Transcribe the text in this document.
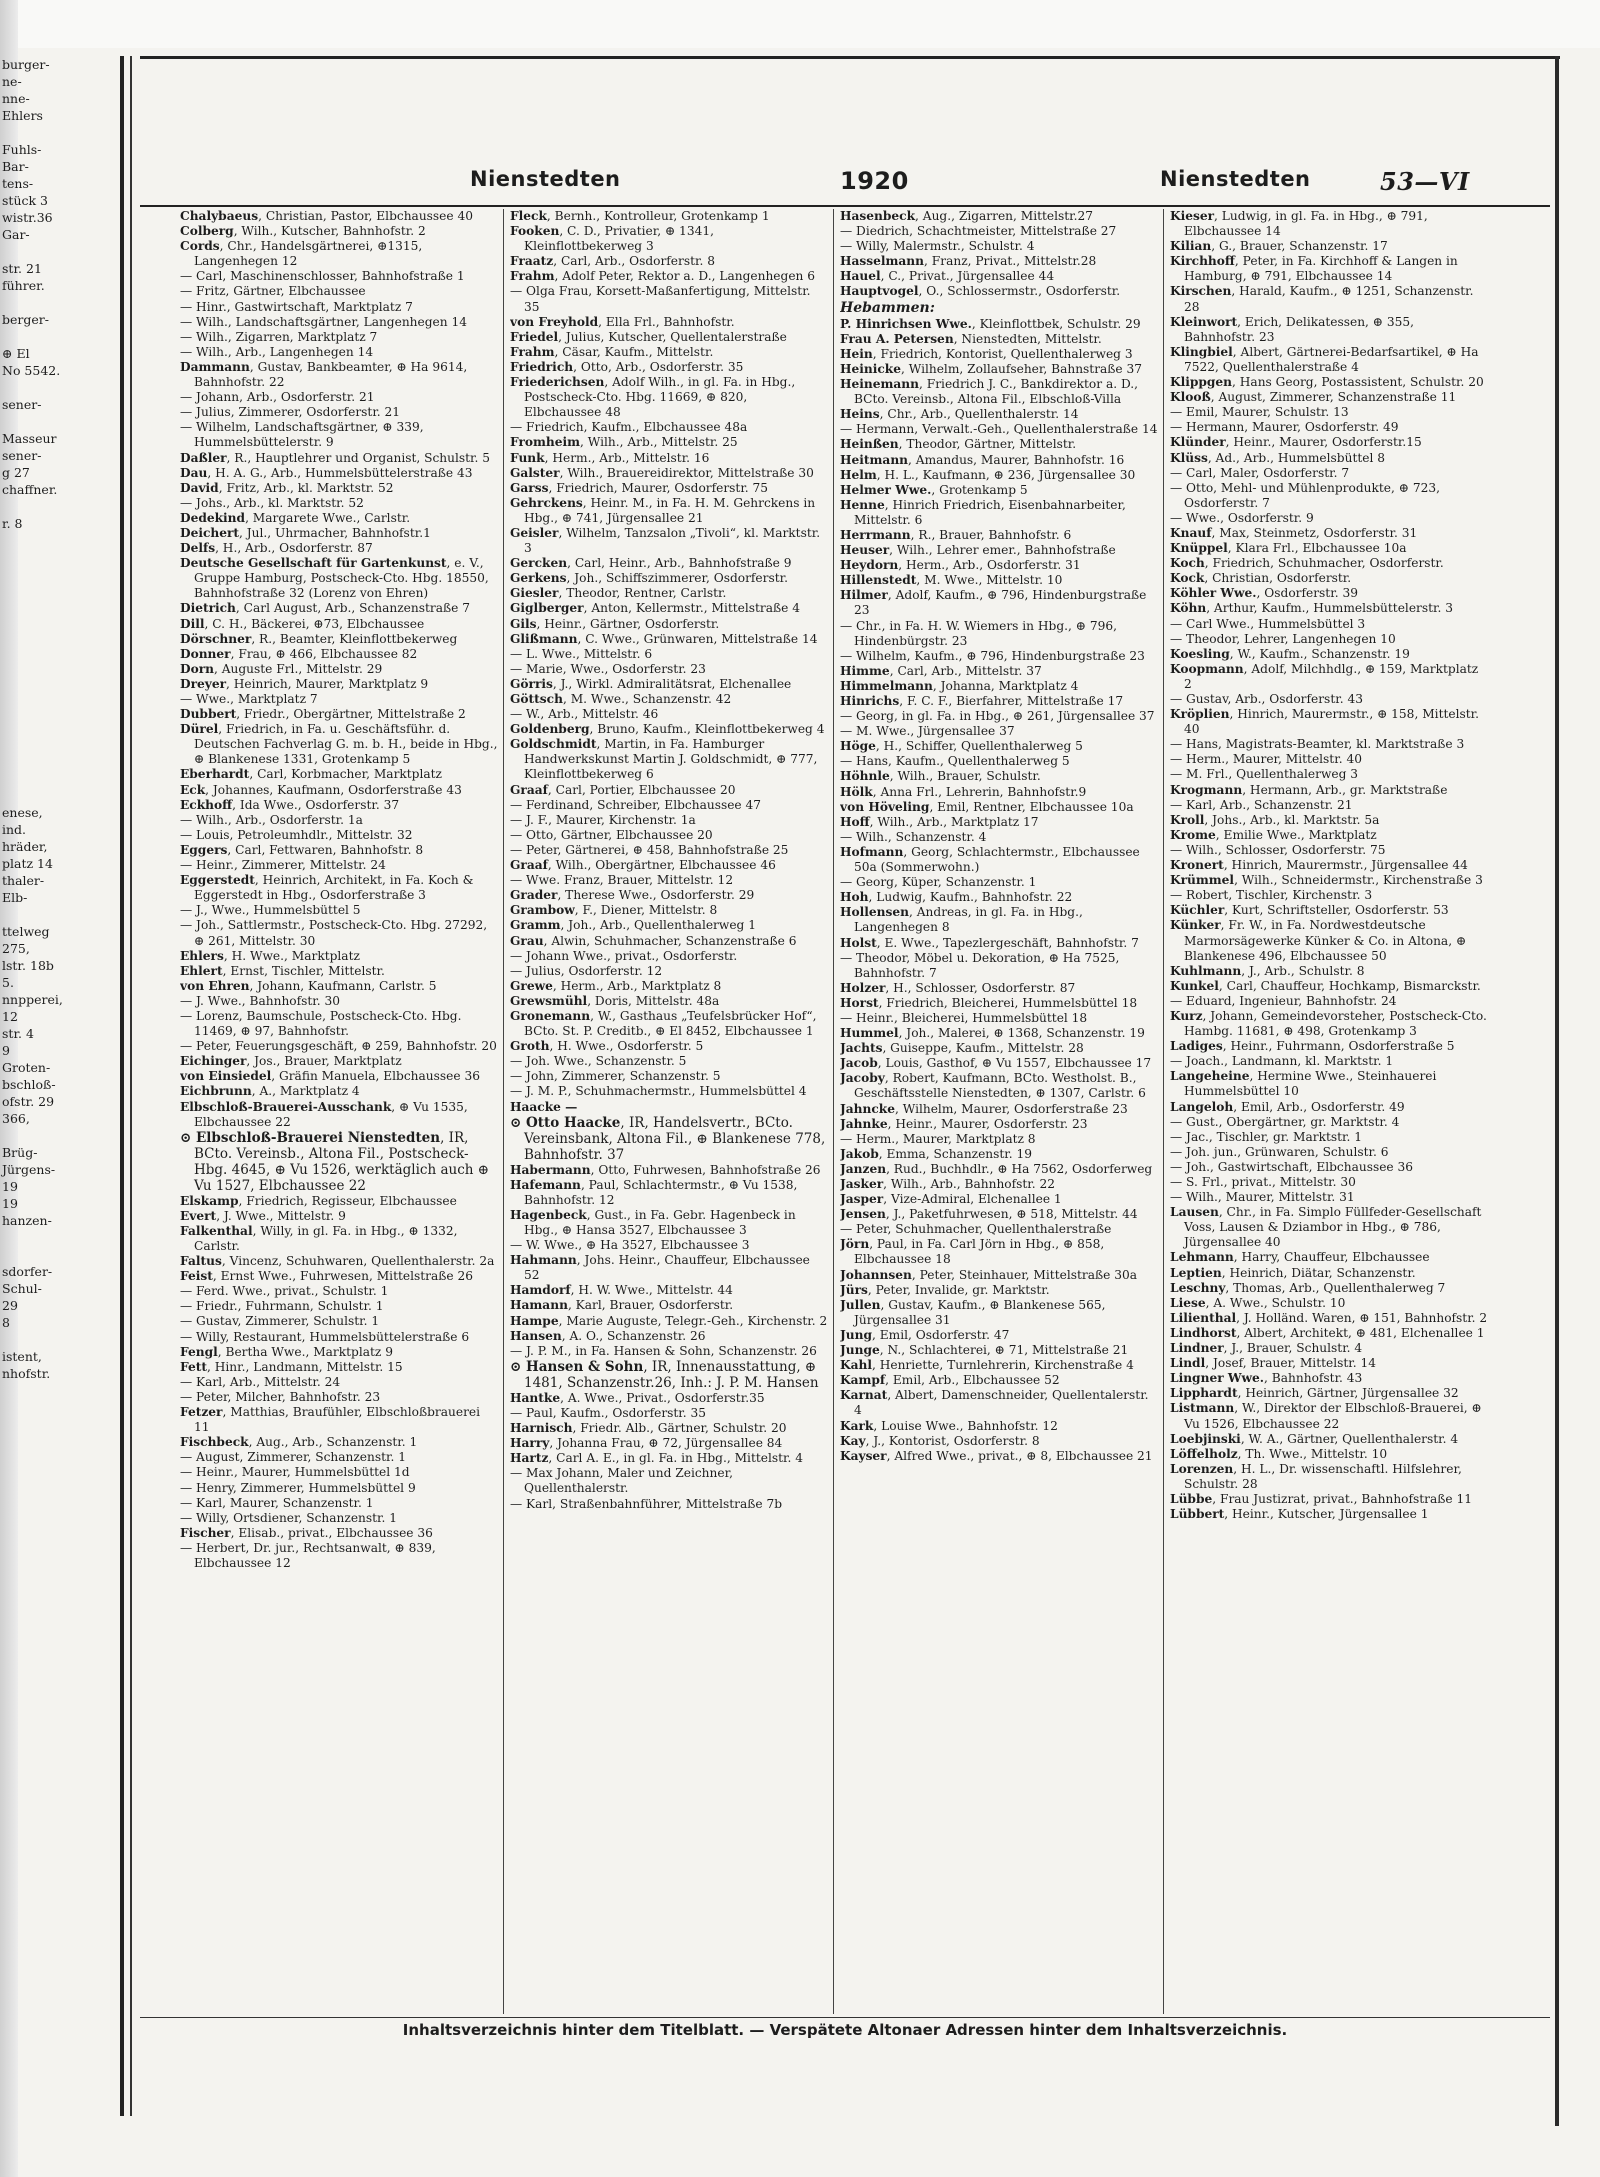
burger-
ne-
nne-
Ehlers

Fuhls-
Bar-
tens-
stück 3
wistr.36
Gar-

str. 21
führer.

berger-

⊕ El
No 5542.

sener-

Masseur
sener-
g 27
chaffner.

r. 8

enese,
ind.
hräder,
platz 14
thaler-
Elb-

ttelweg
275,
lstr. 18b
5.
nnpperei,
12
str. 4
9
Groten-
bschloß-
ofstr. 29
366,

Brüg-
Jürgens-
19
19
hanzen-

sdorfer-
Schul-
29
8

istent,
nhofstr.
Nienstedten	1920	Nienstedten	53—VI

Chalybaeus, Christian, Pastor, Elbchaussee 40

Colberg, Wilh., Kutscher, Bahnhofstr. 2

Cords, Chr., Handelsgärtnerei, ⊕1315, Langenhegen 12

— Carl, Maschinenschlosser, Bahnhofstraße 1

— Fritz, Gärtner, Elbchaussee

— Hinr., Gastwirtschaft, Marktplatz 7

— Wilh., Landschaftsgärtner, Langenhegen 14

— Wilh., Zigarren, Marktplatz 7

— Wilh., Arb., Langenhegen 14

Dammann, Gustav, Bankbeamter, ⊕ Ha 9614, Bahnhofstr. 22

— Johann, Arb., Osdorferstr. 21

— Julius, Zimmerer, Osdorferstr. 21

— Wilhelm, Landschaftsgärtner, ⊕ 339, Hummelsbüttelerstr. 9

Daßler, R., Hauptlehrer und Organist, Schulstr. 5

Dau, H. A. G., Arb., Hummelsbüttelerstraße 43

David, Fritz, Arb., kl. Marktstr. 52

— Johs., Arb., kl. Marktstr. 52

Dedekind, Margarete Wwe., Carlstr.

Deichert, Jul., Uhrmacher, Bahnhofstr.1

Delfs, H., Arb., Osdorferstr. 87

Deutsche Gesellschaft für Gartenkunst, e. V., Gruppe Hamburg, Postscheck-Cto. Hbg. 18550, Bahnhofstraße 32 (Lorenz von Ehren)

Dietrich, Carl August, Arb., Schanzenstraße 7

Dill, C. H., Bäckerei, ⊕73, Elbchaussee

Dörschner, R., Beamter, Kleinflottbekerweg

Donner, Frau, ⊕ 466, Elbchaussee 82

Dorn, Auguste Frl., Mittelstr. 29

Dreyer, Heinrich, Maurer, Marktplatz 9

— Wwe., Marktplatz 7

Dubbert, Friedr., Obergärtner, Mittelstraße 2

Dürel, Friedrich, in Fa. u. Geschäftsführ. d. Deutschen Fachverlag G. m. b. H., beide in Hbg., ⊕ Blankenese 1331, Grotenkamp 5

Eberhardt, Carl, Korbmacher, Marktplatz

Eck, Johannes, Kaufmann, Osdorferstraße 43

Eckhoff, Ida Wwe., Osdorferstr. 37

— Wilh., Arb., Osdorferstr. 1a

— Louis, Petroleumhdlr., Mittelstr. 32

Eggers, Carl, Fettwaren, Bahnhofstr. 8

— Heinr., Zimmerer, Mittelstr. 24

Eggerstedt, Heinrich, Architekt, in Fa. Koch & Eggerstedt in Hbg., Osdorferstraße 3

— J., Wwe., Hummelsbüttel 5

— Joh., Sattlermstr., Postscheck-Cto. Hbg. 27292, ⊕ 261, Mittelstr. 30

Ehlers, H. Wwe., Marktplatz

Ehlert, Ernst, Tischler, Mittelstr.

von Ehren, Johann, Kaufmann, Carlstr. 5

— J. Wwe., Bahnhofstr. 30

— Lorenz, Baumschule, Postscheck-Cto. Hbg. 11469, ⊕ 97, Bahnhofstr.

— Peter, Feuerungsgeschäft, ⊕ 259, Bahnhofstr. 20

Eichinger, Jos., Brauer, Marktplatz

von Einsiedel, Gräfin Manuela, Elbchaussee 36

Eichbrunn, A., Marktplatz 4

Elbschloß-Brauerei-Ausschank, ⊕ Vu 1535, Elbchaussee 22

⊙ Elbschloß-Brauerei Nienstedten, IR, BCto. Vereinsb., Altona Fil., Postscheck-Hbg. 4645, ⊕ Vu 1526, werktäglich auch ⊕ Vu 1527, Elbchaussee 22

Elskamp, Friedrich, Regisseur, Elbchaussee

Evert, J. Wwe., Mittelstr. 9

Falkenthal, Willy, in gl. Fa. in Hbg., ⊕ 1332, Carlstr.

Faltus, Vincenz, Schuhwaren, Quellenthalerstr. 2a

Feist, Ernst Wwe., Fuhrwesen, Mittelstraße 26

— Ferd. Wwe., privat., Schulstr. 1

— Friedr., Fuhrmann, Schulstr. 1

— Gustav, Zimmerer, Schulstr. 1

— Willy, Restaurant, Hummelsbüttelerstraße 6

Fengl, Bertha Wwe., Marktplatz 9

Fett, Hinr., Landmann, Mittelstr. 15

— Karl, Arb., Mittelstr. 24

— Peter, Milcher, Bahnhofstr. 23

Fetzer, Matthias, Braufühler, Elbschloßbrauerei 11

Fischbeck, Aug., Arb., Schanzenstr. 1

— August, Zimmerer, Schanzenstr. 1

— Heinr., Maurer, Hummelsbüttel 1d

— Henry, Zimmerer, Hummelsbüttel 9

— Karl, Maurer, Schanzenstr. 1

— Willy, Ortsdiener, Schanzenstr. 1

Fischer, Elisab., privat., Elbchaussee 36

— Herbert, Dr. jur., Rechtsanwalt, ⊕ 839, Elbchaussee 12

Fleck, Bernh., Kontrolleur, Grotenkamp 1

Fooken, C. D., Privatier, ⊕ 1341, Kleinflottbekerweg 3

Fraatz, Carl, Arb., Osdorferstr. 8

Frahm, Adolf Peter, Rektor a. D., Langenhegen 6

— Olga Frau, Korsett-Maßanfertigung, Mittelstr. 35

von Freyhold, Ella Frl., Bahnhofstr.

Friedel, Julius, Kutscher, Quellentalerstraße

Frahm, Cäsar, Kaufm., Mittelstr.

Friedrich, Otto, Arb., Osdorferstr. 35

Friederichsen, Adolf Wilh., in gl. Fa. in Hbg., Postscheck-Cto. Hbg. 11669, ⊕ 820, Elbchaussee 48

— Friedrich, Kaufm., Elbchaussee 48a

Fromheim, Wilh., Arb., Mittelstr. 25

Funk, Herm., Arb., Mittelstr. 16

Galster, Wilh., Brauereidirektor, Mittelstraße 30

Garss, Friedrich, Maurer, Osdorferstr. 75

Gehrckens, Heinr. M., in Fa. H. M. Gehrckens in Hbg., ⊕ 741, Jürgensallee 21

Geisler, Wilhelm, Tanzsalon „Tivoli“, kl. Marktstr. 3

Gercken, Carl, Heinr., Arb., Bahnhofstraße 9

Gerkens, Joh., Schiffszimmerer, Osdorferstr.

Giesler, Theodor, Rentner, Carlstr.

Giglberger, Anton, Kellermstr., Mittelstraße 4

Gils, Heinr., Gärtner, Osdorferstr.

Glißmann, C. Wwe., Grünwaren, Mittelstraße 14

— L. Wwe., Mittelstr. 6

— Marie, Wwe., Osdorferstr. 23

Görris, J., Wirkl. Admiralitätsrat, Elchenallee

Göttsch, M. Wwe., Schanzenstr. 42

— W., Arb., Mittelstr. 46

Goldenberg, Bruno, Kaufm., Kleinflottbekerweg 4

Goldschmidt, Martin, in Fa. Hamburger Handwerkskunst Martin J. Goldschmidt, ⊕ 777, Kleinflottbekerweg 6

Graaf, Carl, Portier, Elbchaussee 20

— Ferdinand, Schreiber, Elbchaussee 47

— J. F., Maurer, Kirchenstr. 1a

— Otto, Gärtner, Elbchaussee 20

— Peter, Gärtnerei, ⊕ 458, Bahnhofstraße 25

Graaf, Wilh., Obergärtner, Elbchaussee 46

— Wwe. Franz, Brauer, Mittelstr. 12

Grader, Therese Wwe., Osdorferstr. 29

Grambow, F., Diener, Mittelstr. 8

Gramm, Joh., Arb., Quellenthalerweg 1

Grau, Alwin, Schuhmacher, Schanzenstraße 6

— Johann Wwe., privat., Osdorferstr.

— Julius, Osdorferstr. 12

Grewe, Herm., Arb., Marktplatz 8

Grewsmühl, Doris, Mittelstr. 48a

Gronemann, W., Gasthaus „Teufelsbrücker Hof“, BCto. St. P. Creditb., ⊕ El 8452, Elbchaussee 1

Groth, H. Wwe., Osdorferstr. 5

— Joh. Wwe., Schanzenstr. 5

— John, Zimmerer, Schanzenstr. 5

— J. M. P., Schuhmachermstr., Hummelsbüttel 4

Haacke —

⊙ Otto Haacke, IR, Handelsvertr., BCto. Vereinsbank, Altona Fil., ⊕ Blankenese 778, Bahnhofstr. 37

Habermann, Otto, Fuhrwesen, Bahnhofstraße 26

Hafemann, Paul, Schlachtermstr., ⊕ Vu 1538, Bahnhofstr. 12

Hagenbeck, Gust., in Fa. Gebr. Hagenbeck in Hbg., ⊕ Hansa 3527, Elbchaussee 3

— W. Wwe., ⊕ Ha 3527, Elbchaussee 3

Hahmann, Johs. Heinr., Chauffeur, Elbchaussee 52

Hamdorf, H. W. Wwe., Mittelstr. 44

Hamann, Karl, Brauer, Osdorferstr.

Hampe, Marie Auguste, Telegr.-Geh., Kirchenstr. 2

Hansen, A. O., Schanzenstr. 26

— J. P. M., in Fa. Hansen & Sohn, Schanzenstr. 26

⊙ Hansen & Sohn, IR, Innenausstattung, ⊕ 1481, Schanzenstr.26, Inh.: J. P. M. Hansen

Hantke, A. Wwe., Privat., Osdorferstr.35

— Paul, Kaufm., Osdorferstr. 35

Harnisch, Friedr. Alb., Gärtner, Schulstr. 20

Harry, Johanna Frau, ⊕ 72, Jürgensallee 84

Hartz, Carl A. E., in gl. Fa. in Hbg., Mittelstr. 4

— Max Johann, Maler und Zeichner, Quellenthalerstr.

— Karl, Straßenbahnführer, Mittelstraße 7b

Hasenbeck, Aug., Zigarren, Mittelstr.27

— Diedrich, Schachtmeister, Mittelstraße 27

— Willy, Malermstr., Schulstr. 4

Hasselmann, Franz, Privat., Mittelstr.28

Hauel, C., Privat., Jürgensallee 44

Hauptvogel, O., Schlossermstr., Osdorferstr.

Hebammen:

P. Hinrichsen Wwe., Kleinflottbek, Schulstr. 29

Frau A. Petersen, Nienstedten, Mittelstr.

Hein, Friedrich, Kontorist, Quellenthalerweg 3

Heinicke, Wilhelm, Zollaufseher, Bahnstraße 37

Heinemann, Friedrich J. C., Bankdirektor a. D., BCto. Vereinsb., Altona Fil., Elbschloß-Villa

Heins, Chr., Arb., Quellenthalerstr. 14

— Hermann, Verwalt.-Geh., Quellenthalerstraße 14

Heinßen, Theodor, Gärtner, Mittelstr.

Heitmann, Amandus, Maurer, Bahnhofstr. 16

Helm, H. L., Kaufmann, ⊕ 236, Jürgensallee 30

Helmer Wwe., Grotenkamp 5

Henne, Hinrich Friedrich, Eisenbahnarbeiter, Mittelstr. 6

Herrmann, R., Brauer, Bahnhofstr. 6

Heuser, Wilh., Lehrer emer., Bahnhofstraße

Heydorn, Herm., Arb., Osdorferstr. 31

Hillenstedt, M. Wwe., Mittelstr. 10

Hilmer, Adolf, Kaufm., ⊕ 796, Hindenburgstraße 23

— Chr., in Fa. H. W. Wiemers in Hbg., ⊕ 796, Hindenbürgstr. 23

— Wilhelm, Kaufm., ⊕ 796, Hindenburgstraße 23

Himme, Carl, Arb., Mittelstr. 37

Himmelmann, Johanna, Marktplatz 4

Hinrichs, F. C. F., Bierfahrer, Mittelstraße 17

— Georg, in gl. Fa. in Hbg., ⊕ 261, Jürgensallee 37

— M. Wwe., Jürgensallee 37

Höge, H., Schiffer, Quellenthalerweg 5

— Hans, Kaufm., Quellenthalerweg 5

Höhnle, Wilh., Brauer, Schulstr.

Hölk, Anna Frl., Lehrerin, Bahnhofstr.9

von Höveling, Emil, Rentner, Elbchaussee 10a

Hoff, Wilh., Arb., Marktplatz 17

— Wilh., Schanzenstr. 4

Hofmann, Georg, Schlachtermstr., Elbchaussee 50a (Sommerwohn.)

— Georg, Küper, Schanzenstr. 1

Hoh, Ludwig, Kaufm., Bahnhofstr. 22

Hollensen, Andreas, in gl. Fa. in Hbg., Langenhegen 8

Holst, E. Wwe., Tapezlergeschäft, Bahnhofstr. 7

— Theodor, Möbel u. Dekoration, ⊕ Ha 7525, Bahnhofstr. 7

Holzer, H., Schlosser, Osdorferstr. 87

Horst, Friedrich, Bleicherei, Hummelsbüttel 18

— Heinr., Bleicherei, Hummelsbüttel 18

Hummel, Joh., Malerei, ⊕ 1368, Schanzenstr. 19

Jachts, Guiseppe, Kaufm., Mittelstr. 28

Jacob, Louis, Gasthof, ⊕ Vu 1557, Elbchaussee 17

Jacoby, Robert, Kaufmann, BCto. Westholst. B., Geschäftsstelle Nienstedten, ⊕ 1307, Carlstr. 6

Jahncke, Wilhelm, Maurer, Osdorferstraße 23

Jahnke, Heinr., Maurer, Osdorferstr. 23

— Herm., Maurer, Marktplatz 8

Jakob, Emma, Schanzenstr. 19

Janzen, Rud., Buchhdlr., ⊕ Ha 7562, Osdorferweg

Jasker, Wilh., Arb., Bahnhofstr. 22

Jasper, Vize-Admiral, Elchenallee 1

Jensen, J., Paketfuhrwesen, ⊕ 518, Mittelstr. 44

— Peter, Schuhmacher, Quellenthalerstraße

Jörn, Paul, in Fa. Carl Jörn in Hbg., ⊕ 858, Elbchaussee 18

Johannsen, Peter, Steinhauer, Mittelstraße 30a

Jürs, Peter, Invalide, gr. Marktstr.

Jullen, Gustav, Kaufm., ⊕ Blankenese 565, Jürgensallee 31

Jung, Emil, Osdorferstr. 47

Junge, N., Schlachterei, ⊕ 71, Mittelstraße 21

Kahl, Henriette, Turnlehrerin, Kirchenstraße 4

Kampf, Emil, Arb., Elbchaussee 52

Karnat, Albert, Damenschneider, Quellentalerstr. 4

Kark, Louise Wwe., Bahnhofstr. 12

Kay, J., Kontorist, Osdorferstr. 8

Kayser, Alfred Wwe., privat., ⊕ 8, Elbchaussee 21

Kieser, Ludwig, in gl. Fa. in Hbg., ⊕ 791, Elbchaussee 14

Kilian, G., Brauer, Schanzenstr. 17

Kirchhoff, Peter, in Fa. Kirchhoff & Langen in Hamburg, ⊕ 791, Elbchaussee 14

Kirschen, Harald, Kaufm., ⊕ 1251, Schanzenstr. 28

Kleinwort, Erich, Delikatessen, ⊕ 355, Bahnhofstr. 23

Klingbiel, Albert, Gärtnerei-Bedarfsartikel, ⊕ Ha 7522, Quellenthalerstraße 4

Klippgen, Hans Georg, Postassistent, Schulstr. 20

Klooß, August, Zimmerer, Schanzenstraße 11

— Emil, Maurer, Schulstr. 13

— Hermann, Maurer, Osdorferstr. 49

Klünder, Heinr., Maurer, Osdorferstr.15

Klüss, Ad., Arb., Hummelsbüttel 8

— Carl, Maler, Osdorferstr. 7

— Otto, Mehl- und Mühlenprodukte, ⊕ 723, Osdorferstr. 7

— Wwe., Osdorferstr. 9

Knauf, Max, Steinmetz, Osdorferstr. 31

Knüppel, Klara Frl., Elbchaussee 10a

Koch, Friedrich, Schuhmacher, Osdorferstr.

Kock, Christian, Osdorferstr.

Köhler Wwe., Osdorferstr. 39

Köhn, Arthur, Kaufm., Hummelsbüttelerstr. 3

— Carl Wwe., Hummelsbüttel 3

— Theodor, Lehrer, Langenhegen 10

Koesling, W., Kaufm., Schanzenstr. 19

Koopmann, Adolf, Milchhdlg., ⊕ 159, Marktplatz 2

— Gustav, Arb., Osdorferstr. 43

Kröplien, Hinrich, Maurermstr., ⊕ 158, Mittelstr. 40

— Hans, Magistrats-Beamter, kl. Marktstraße 3

— Herm., Maurer, Mittelstr. 40

— M. Frl., Quellenthalerweg 3

Krogmann, Hermann, Arb., gr. Marktstraße

— Karl, Arb., Schanzenstr. 21

Kroll, Johs., Arb., kl. Marktstr. 5a

Krome, Emilie Wwe., Marktplatz

— Wilh., Schlosser, Osdorferstr. 75

Kronert, Hinrich, Maurermstr., Jürgensallee 44

Krümmel, Wilh., Schneidermstr., Kirchenstraße 3

— Robert, Tischler, Kirchenstr. 3

Küchler, Kurt, Schriftsteller, Osdorferstr. 53

Künker, Fr. W., in Fa. Nordwestdeutsche Marmorsägewerke Künker & Co. in Altona, ⊕ Blankenese 496, Elbchaussee 50

Kuhlmann, J., Arb., Schulstr. 8

Kunkel, Carl, Chauffeur, Hochkamp, Bismarckstr.

— Eduard, Ingenieur, Bahnhofstr. 24

Kurz, Johann, Gemeindevorsteher, Postscheck-Cto. Hambg. 11681, ⊕ 498, Grotenkamp 3

Ladiges, Heinr., Fuhrmann, Osdorferstraße 5

— Joach., Landmann, kl. Marktstr. 1

Langeheine, Hermine Wwe., Steinhauerei Hummelsbüttel 10

Langeloh, Emil, Arb., Osdorferstr. 49

— Gust., Obergärtner, gr. Marktstr. 4

— Jac., Tischler, gr. Marktstr. 1

— Joh. jun., Grünwaren, Schulstr. 6

— Joh., Gastwirtschaft, Elbchaussee 36

— S. Frl., privat., Mittelstr. 30

— Wilh., Maurer, Mittelstr. 31

Lausen, Chr., in Fa. Simplo Füllfeder-Gesellschaft Voss, Lausen & Dziambor in Hbg., ⊕ 786, Jürgensallee 40

Lehmann, Harry, Chauffeur, Elbchaussee

Leptien, Heinrich, Diätar, Schanzenstr.

Leschny, Thomas, Arb., Quellenthalerweg 7

Liese, A. Wwe., Schulstr. 10

Lilienthal, J. Holländ. Waren, ⊕ 151, Bahnhofstr. 2

Lindhorst, Albert, Architekt, ⊕ 481, Elchenallee 1

Lindner, J., Brauer, Schulstr. 4

Lindl, Josef, Brauer, Mittelstr. 14

Lingner Wwe., Bahnhofstr. 43

Lipphardt, Heinrich, Gärtner, Jürgensallee 32

Listmann, W., Direktor der Elbschloß-Brauerei, ⊕ Vu 1526, Elbchaussee 22

Loebjinski, W. A., Gärtner, Quellenthalerstr. 4

Löffelholz, Th. Wwe., Mittelstr. 10

Lorenzen, H. L., Dr. wissenschaftl. Hilfslehrer, Schulstr. 28

Lübbe, Frau Justizrat, privat., Bahnhofstraße 11

Lübbert, Heinr., Kutscher, Jürgensallee 1

Inhaltsverzeichnis hinter dem Titelblatt. — Verspätete Altonaer Adressen hinter dem Inhaltsverzeichnis.
